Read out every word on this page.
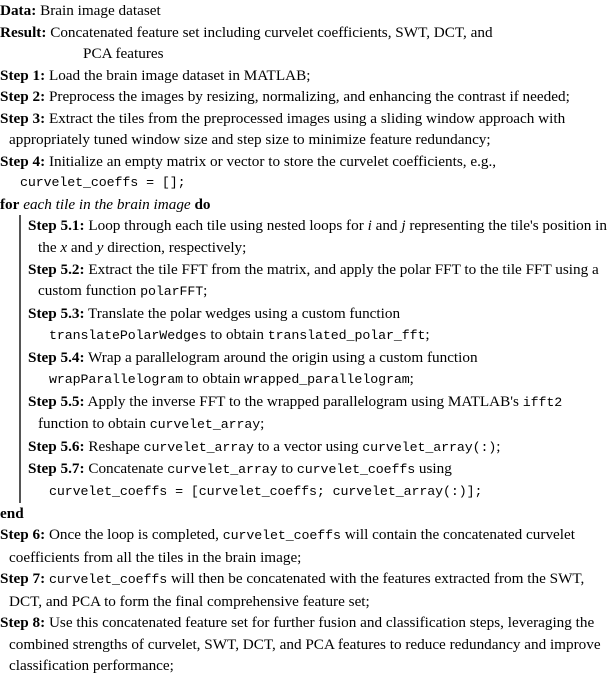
Data: Brain image dataset
Result: Concatenated feature set including curvelet coefficients, SWT, DCT, and
PCA features
Step 1: Load the brain image dataset in MATLAB;
Step 2: Preprocess the images by resizing, normalizing, and enhancing the contrast if needed;
Step 3: Extract the tiles from the preprocessed images using a sliding window approach with appropriately tuned window size and step size to minimize feature redundancy;
Step 4: Initialize an empty matrix or vector to store the curvelet coefficients, e.g.,
curvelet_coeffs = [];
for each tile in the brain image do
Step 5.1: Loop through each tile using nested loops for i and j representing the tile's position in the x and y direction, respectively;
Step 5.2: Extract the tile FFT from the matrix, and apply the polar FFT to the tile FFT using a custom function polarFFT;
Step 5.3: Translate the polar wedges using a custom function
translatePolarWedges to obtain translated_polar_fft;
Step 5.4: Wrap a parallelogram around the origin using a custom function
wrapParallelogram to obtain wrapped_parallelogram;
Step 5.5: Apply the inverse FFT to the wrapped parallelogram using MATLAB's ifft2 function to obtain curvelet_array;
Step 5.6: Reshape curvelet_array to a vector using curvelet_array(:);
Step 5.7: Concatenate curvelet_array to curvelet_coeffs using
curvelet_coeffs = [curvelet_coeffs; curvelet_array(:)];
end
Step 6: Once the loop is completed, curvelet_coeffs will contain the concatenated curvelet coefficients from all the tiles in the brain image;
Step 7: curvelet_coeffs will then be concatenated with the features extracted from the SWT, DCT, and PCA to form the final comprehensive feature set;
Step 8: Use this concatenated feature set for further fusion and classification steps, leveraging the combined strengths of curvelet, SWT, DCT, and PCA features to reduce redundancy and improve classification performance;
